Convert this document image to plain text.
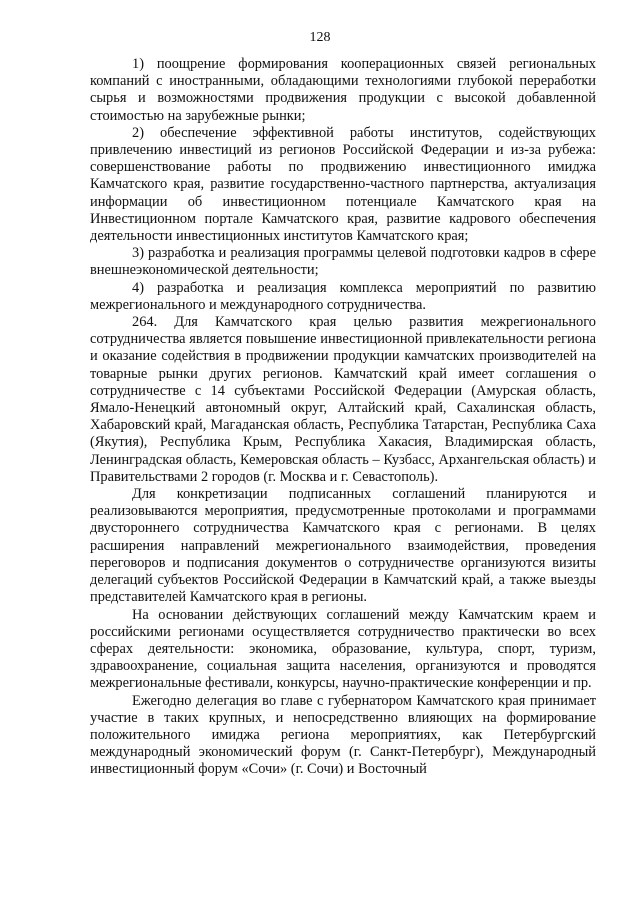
128

1) поощрение формирования кооперационных связей региональных компаний с иностранными, обладающими технологиями глубокой переработки сырья и возможностями продвижения продукции с высокой добавленной стоимостью на зарубежные рынки;

2) обеспечение эффективной работы институтов, содействующих привлечению инвестиций из регионов Российской Федерации и из-за рубежа: совершенствование работы по продвижению инвестиционного имиджа Камчатского края, развитие государственно-частного партнерства, актуализация информации об инвестиционном потенциале Камчатского края на Инвестиционном портале Камчатского края, развитие кадрового обеспечения деятельности инвестиционных институтов Камчатского края;

3) разработка и реализация программы целевой подготовки кадров в сфере внешнеэкономической деятельности;

4) разработка и реализация комплекса мероприятий по развитию межрегионального и международного сотрудничества.

264. Для Камчатского края целью развития межрегионального сотрудничества является повышение инвестиционной привлекательности региона и оказание содействия в продвижении продукции камчатских производителей на товарные рынки других регионов. Камчатский край имеет соглашения о сотрудничестве с 14 субъектами Российской Федерации (Амурская область, Ямало-Ненецкий автономный округ, Алтайский край, Сахалинская область, Хабаровский край, Магаданская область, Республика Татарстан, Республика Саха (Якутия), Республика Крым, Республика Хакасия, Владимирская область, Ленинградская область, Кемеровская область – Кузбасс, Архангельская область) и Правительствами 2 городов (г. Москва и г. Севастополь).

Для конкретизации подписанных соглашений планируются и реализовываются мероприятия, предусмотренные протоколами и программами двустороннего сотрудничества Камчатского края с регионами. В целях расширения направлений межрегионального взаимодействия, проведения переговоров и подписания документов о сотрудничестве организуются визиты делегаций субъектов Российской Федерации в Камчатский край, а также выезды представителей Камчатского края в регионы.

На основании действующих соглашений между Камчатским краем и российскими регионами осуществляется сотрудничество практически во всех сферах деятельности: экономика, образование, культура, спорт, туризм, здравоохранение, социальная защита населения, организуются и проводятся межрегиональные фестивали, конкурсы, научно-практические конференции и пр.

Ежегодно делегация во главе с губернатором Камчатского края принимает участие в таких крупных, и непосредственно влияющих на формирование положительного имиджа региона мероприятиях, как Петербургский международный экономический форум (г. Санкт-Петербург), Международный инвестиционный форум «Сочи» (г. Сочи) и Восточный
